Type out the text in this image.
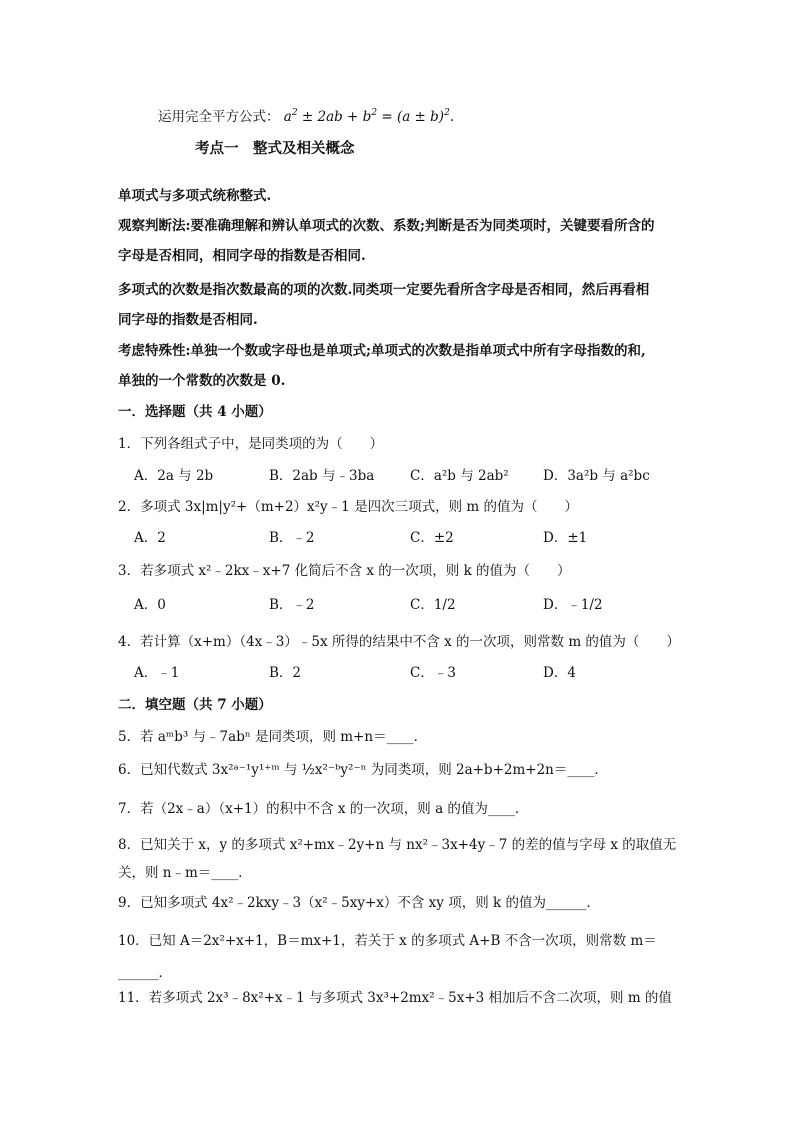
运用完全平方公式： $a^2 \pm 2ab + b^2 = (a \pm b)^2$.
考点一　整式及相关概念
单项式与多项式统称整式.
观察判断法:要准确理解和辨认单项式的次数、系数;判断是否为同类项时，关键要看所含的
字母是否相同，相同字母的指数是否相同.
多项式的次数是指次数最高的项的次数.同类项一定要先看所含字母是否相同，然后再看相
同字母的指数是否相同.
考虑特殊性:单独一个数或字母也是单项式;单项式的次数是指单项式中所有字母指数的和,
单独的一个常数的次数是 0.
一．选择题（共 4 小题）
1．下列各组式子中，是同类项的为（　　）
A．2a 与 2b	B．2ab 与﹣3ba	C．a²b 与 2ab²	D．3a²b 与 a²bc
2．多项式 3x|m|y²+（m+2）x²y﹣1 是四次三项式，则 m 的值为（　　）
A．2	B．﹣2	C．±2	D．±1
3．若多项式 x²﹣2kx﹣x+7 化简后不含 x 的一次项，则 k 的值为（　　）
A．0	B．﹣2	C．1/2	D．﹣1/2
4．若计算（x+m）（4x﹣3）﹣5x 所得的结果中不含 x 的一次项，则常数 m 的值为（　　）
A．﹣1	B．2	C．﹣3	D．4
二．填空题（共 7 小题）
5．若 aᵐb³ 与﹣7abⁿ 是同类项，则 m+n＝____．
6．已知代数式 3x²ᵃ⁻¹y¹⁺ᵐ 与 ½x²⁻ᵇy²⁻ⁿ 为同类项，则 2a+b+2m+2n＝____．
7．若（2x﹣a）（x+1）的积中不含 x 的一次项，则 a 的值为____．
8．已知关于 x，y 的多项式 x²+mx﹣2y+n 与 nx²﹣3x+4y﹣7 的差的值与字母 x 的取值无关，则 n﹣m＝____．
9．已知多项式 4x²﹣2kxy﹣3（x²﹣5xy+x）不含 xy 项，则 k 的值为______．
10．已知 A＝2x²+x+1，B＝mx+1，若关于 x 的多项式 A+B 不含一次项，则常数 m＝______．
11．若多项式 2x³﹣8x²+x﹣1 与多项式 3x³+2mx²﹣5x+3 相加后不含二次项，则 m 的值
